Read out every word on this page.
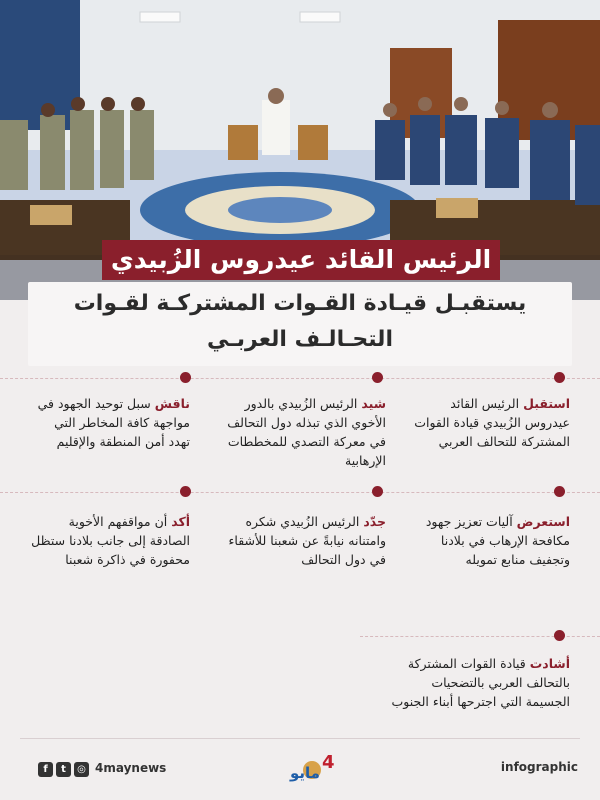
الرئيس القائد عيدروس الزُبيدي
يستقبـل قيـادة القـوات المشتركـة لقـوات
التحـالـف العربـي
استقبل الرئيس القائد عيدروس الزُبيدي قيادة القوات المشتركة للتحالف العربي
شيد الرئيس الزُبيدي بالدور الأخوي الذي تبذله دول التحالف في معركة التصدي للمخططات الإرهابية
ناقش سبل توحيد الجهود في مواجهة كافة المخاطر التي تهدد أمن المنطقة والإقليم
استعرض آليات تعزيز جهود مكافحة الإرهاب في بلادنا وتجفيف منابع تمويله
جدّد الرئيس الزُبيدي شكره وامتنانه نيابةً عن شعبنا للأشقاء في دول التحالف
أكد أن مواقفهم الأخوية الصادقة إلى جانب بلادنا ستظل محفورة في ذاكرة شعبنا
أشادت قيادة القوات المشتركة بالتحالف العربي بالتضحيات الجسيمة التي اجترحها أبناء الجنوب
f	t	◎ 4maynews	مايو 4	infographic
